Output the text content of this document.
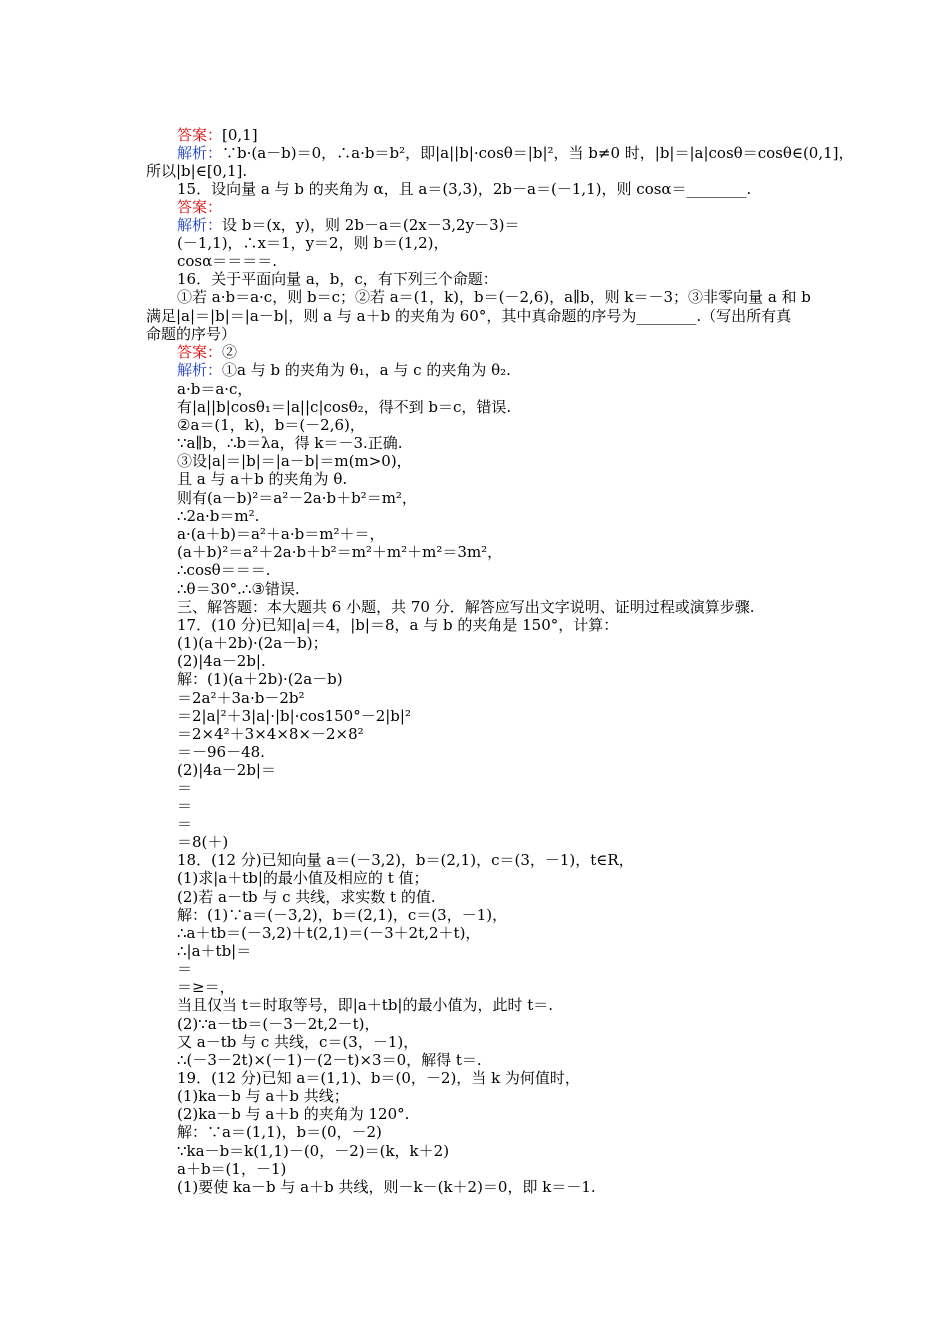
答案：[0,1]
解析：∵b·(a－b)＝0，∴a·b＝b²，即|a||b|·cosθ＝|b|²，当 b≠0 时，|b|＝|a|cosθ＝cosθ∈(0,1]，
所以|b|∈[0,1].
15．设向量 a 与 b 的夹角为 α，且 a＝(3,3)，2b－a＝(－1,1)，则 cosα＝________.
答案：
解析：设 b＝(x，y)，则 2b－a＝(2x－3,2y－3)＝
(－1,1)，∴x＝1，y＝2，则 b＝(1,2)，
cosα＝＝＝＝.
16．关于平面向量 a，b，c，有下列三个命题：
①若 a·b＝a·c，则 b＝c；②若 a＝(1，k)，b＝(－2,6)，a∥b，则 k＝－3；③非零向量 a 和 b
满足|a|＝|b|＝|a－b|，则 a 与 a＋b 的夹角为 60°，其中真命题的序号为________.（写出所有真
命题的序号）
答案：②
解析：①a 与 b 的夹角为 θ₁，a 与 c 的夹角为 θ₂.
a·b＝a·c，
有|a||b|cosθ₁＝|a||c|cosθ₂，得不到 b＝c，错误.
②a＝(1，k)，b＝(－2,6)，
∵a∥b，∴b＝λa，得 k＝－3.正确.
③设|a|＝|b|＝|a－b|＝m(m>0)，
且 a 与 a＋b 的夹角为 θ.
则有(a－b)²＝a²－2a·b＋b²＝m²，
∴2a·b＝m².
a·(a＋b)＝a²＋a·b＝m²＋＝，
(a＋b)²＝a²＋2a·b＋b²＝m²＋m²＋m²＝3m²，
∴cosθ＝＝＝.
∴θ＝30°.∴③错误.
三、解答题：本大题共 6 小题，共 70 分．解答应写出文字说明、证明过程或演算步骤.
17．(10 分)已知|a|＝4，|b|＝8，a 与 b 的夹角是 150°，计算：
(1)(a＋2b)·(2a－b)；
(2)|4a－2b|.
解：(1)(a＋2b)·(2a－b)
＝2a²＋3a·b－2b²
＝2|a|²＋3|a|·|b|·cos150°－2|b|²
＝2×4²＋3×4×8×－2×8²
＝－96－48.
(2)|4a－2b|＝
＝
＝
＝
＝8(＋)
18．(12 分)已知向量 a＝(－3,2)，b＝(2,1)，c＝(3，－1)，t∈R，
(1)求|a＋tb|的最小值及相应的 t 值；
(2)若 a－tb 与 c 共线，求实数 t 的值.
解：(1)∵a＝(－3,2)，b＝(2,1)，c＝(3，－1)，
∴a＋tb＝(－3,2)＋t(2,1)＝(－3＋2t,2＋t)，
∴|a＋tb|＝
＝
＝≥＝，
当且仅当 t＝时取等号，即|a＋tb|的最小值为，此时 t＝.
(2)∵a－tb＝(－3－2t,2－t)，
又 a－tb 与 c 共线，c＝(3，－1)，
∴(－3－2t)×(－1)－(2－t)×3＝0，解得 t＝.
19．(12 分)已知 a＝(1,1)、b＝(0，－2)，当 k 为何值时，
(1)ka－b 与 a＋b 共线；
(2)ka－b 与 a＋b 的夹角为 120°.
解：∵a＝(1,1)，b＝(0，－2)
∵ka－b＝k(1,1)－(0，－2)＝(k，k＋2)
a＋b＝(1，－1)
(1)要使 ka－b 与 a＋b 共线，则－k－(k＋2)＝0，即 k＝－1.
